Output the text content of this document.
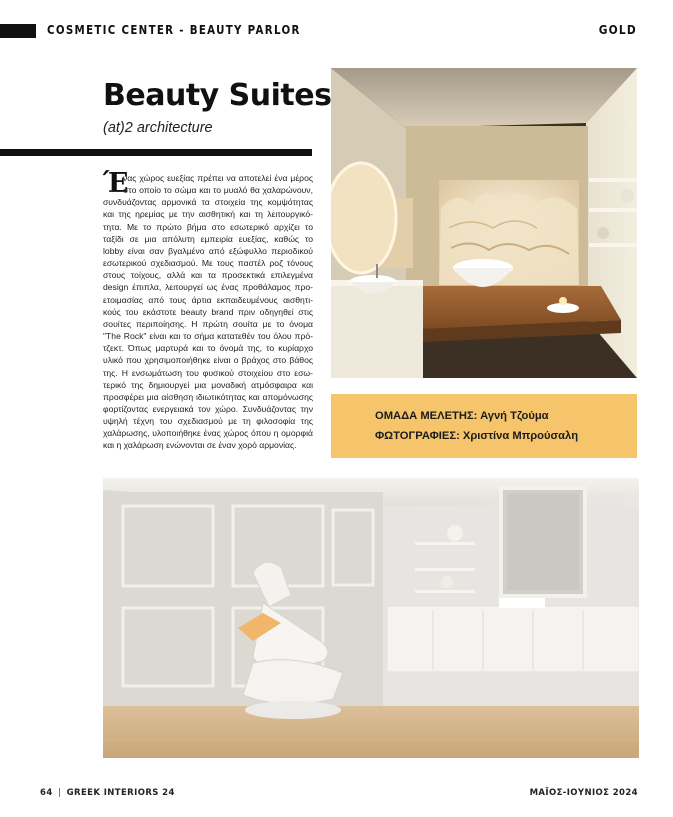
COSMETIC CENTER - BEAUTY PARLOR	GOLD
Beauty Suites
(at)2 architecture
Έ
νας χώρος ευεξίας πρέπει να αποτελεί ένα μέρος
στο οποίο το σώμα και το μυαλό θα χαλαρώνουν,
συνδυάζοντας αρμονικά τα στοιχεία της κομψότητας
και της ηρεμίας με την αισθητική και τη λειτουργικό-
τητα. Με το πρώτο βήμα στο εσωτερικό αρχίζει το
ταξίδι σε μια απόλυτη εμπειρία ευεξίας, καθώς το
lobby είναι σαν βγαλμένο από εξώφυλλο περιοδικού
εσωτερικού σχεδιασμού. Με τους παστέλ ροζ τόνους
στους τοίχους, αλλά και τα προσεκτικά επιλεγμένα
design έπιπλα, λειτουργεί ως ένας προθάλαμος προ-
ετοιμασίας από τους άρτια εκπαιδευμένους αισθητι-
κούς του εκάστοτε beauty brand πριν οδηγηθεί στις
σουίτες περιποίησης. Η πρώτη σουίτα με το όνομα
"The Rock" είναι και το σήμα κατατεθέν του όλου πρό-
τζεκτ. Όπως μαρτυρά και το όνομά της, το κυρίαρχο
υλικό που χρησιμοποιήθηκε είναι ο βράχος στο βάθος
της. Η ενσωμάτωση του φυσικού στοιχείου στο εσω-
τερικό της δημιουργεί μια μοναδική ατμόσφαιρα και
προσφέρει μια αίσθηση ιδιωτικότητας και απομόνωσης
φορτίζοντας ενεργειακά τον χώρο. Συνδυάζοντας την
υψηλή τέχνη του σχεδιασμού με τη φιλοσοφία της
χαλάρωσης, υλοποιήθηκε ένας χώρος όπου η ομορφιά
και η χαλάρωση ενώνονται σε έναν χορό αρμονίας.
ΟΜΑΔΑ ΜΕΛΕΤΗΣ: Αγνή Τζούμα
ΦΩΤΟΓΡΑΦΙΕΣ: Χριστίνα Μπρούσαλη
64 | GREEK INTERIORS 24	ΜΑΪΟΣ-ΙΟΥΝΙΟΣ 2024
